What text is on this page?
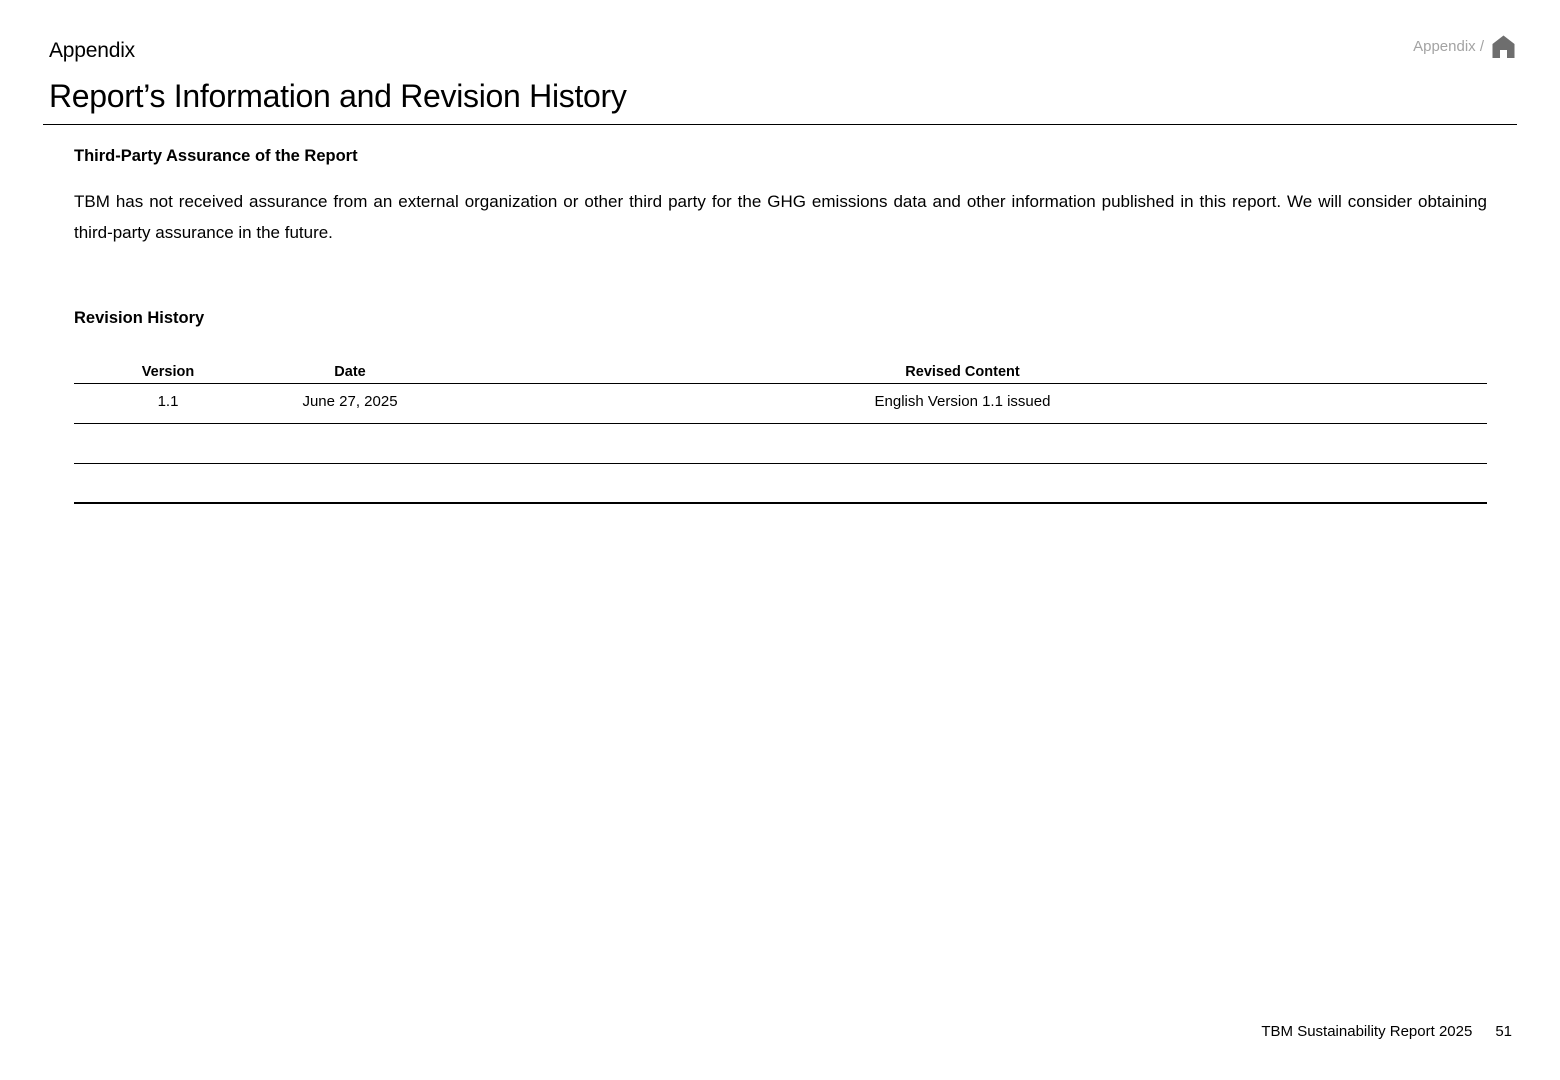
Appendix
Report’s Information and Revision History
Appendix /
Third-Party Assurance of the Report
TBM has not received assurance from an external organization or other third party for the GHG emissions data and other information published in this report. We will consider obtaining third-party assurance in the future.
Revision History
Version	Date	Revised Content
1.1	June 27, 2025	English Version 1.1 issued

TBM Sustainability Report 2025 51
